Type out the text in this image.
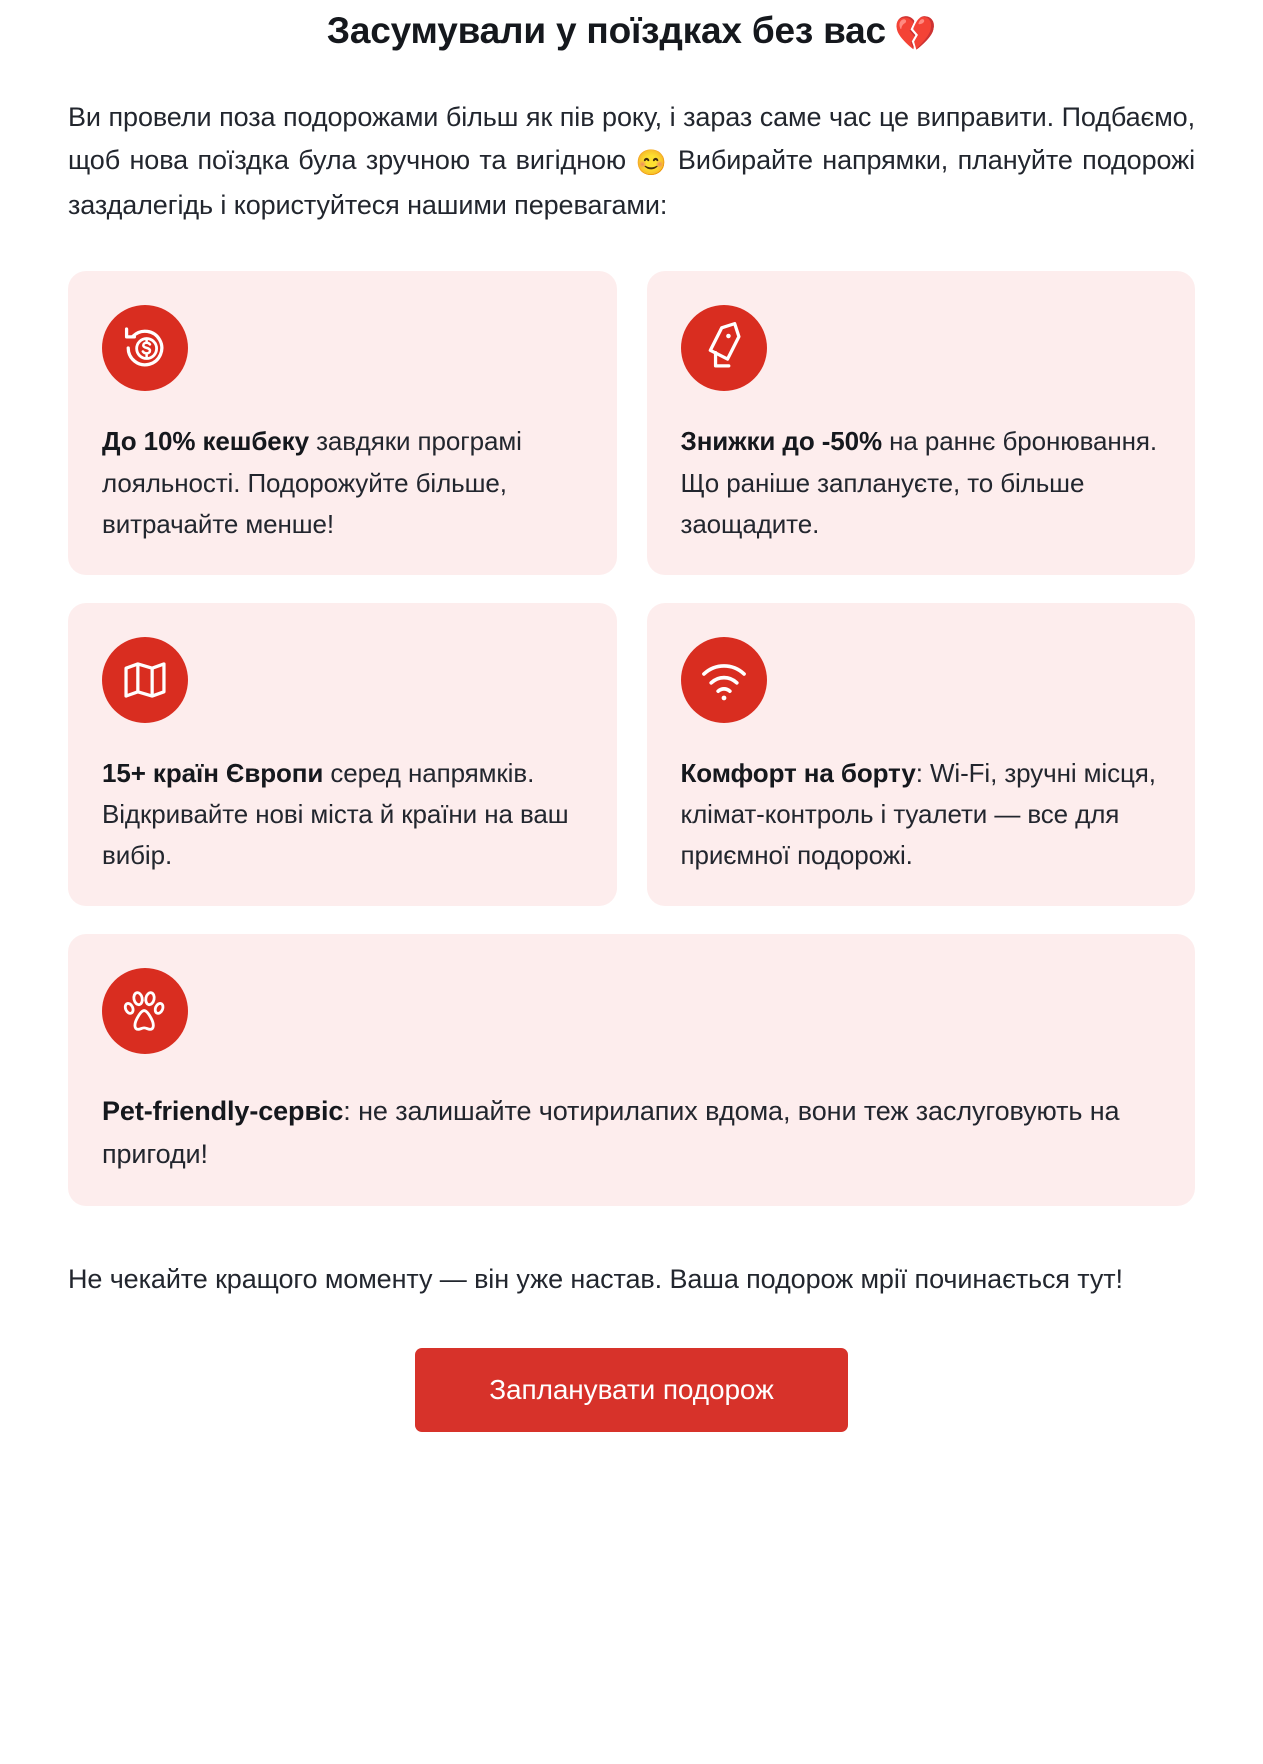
Засумували у поїздках без вас 💔

Ви провели поза подорожами більш як пів року, і зараз саме час це виправити. Подбаємо, щоб нова поїздка була зручною та вигідною 😊 Вибирайте напрямки, плануйте подорожі заздалегідь і користуйтеся нашими перевагами:

До 10% кешбеку завдяки програмі лояльності. Подорожуйте більше, витрачайте менше!
Знижки до -50% на раннє бронювання. Що раніше заплануєте, то більше заощадите.
15+ країн Європи серед напрямків. Відкривайте нові міста й країни на ваш вибір.
Комфорт на борту: Wi-Fi, зручні місця, клімат-контроль і туалети — все для приємної подорожі.
Pet-friendly-сервіс: не залишайте чотирилапих вдома, вони теж заслуговують на пригоди!

Не чекайте кращого моменту — він уже настав. Ваша подорож мрії починається тут!

Запланувати подорож
